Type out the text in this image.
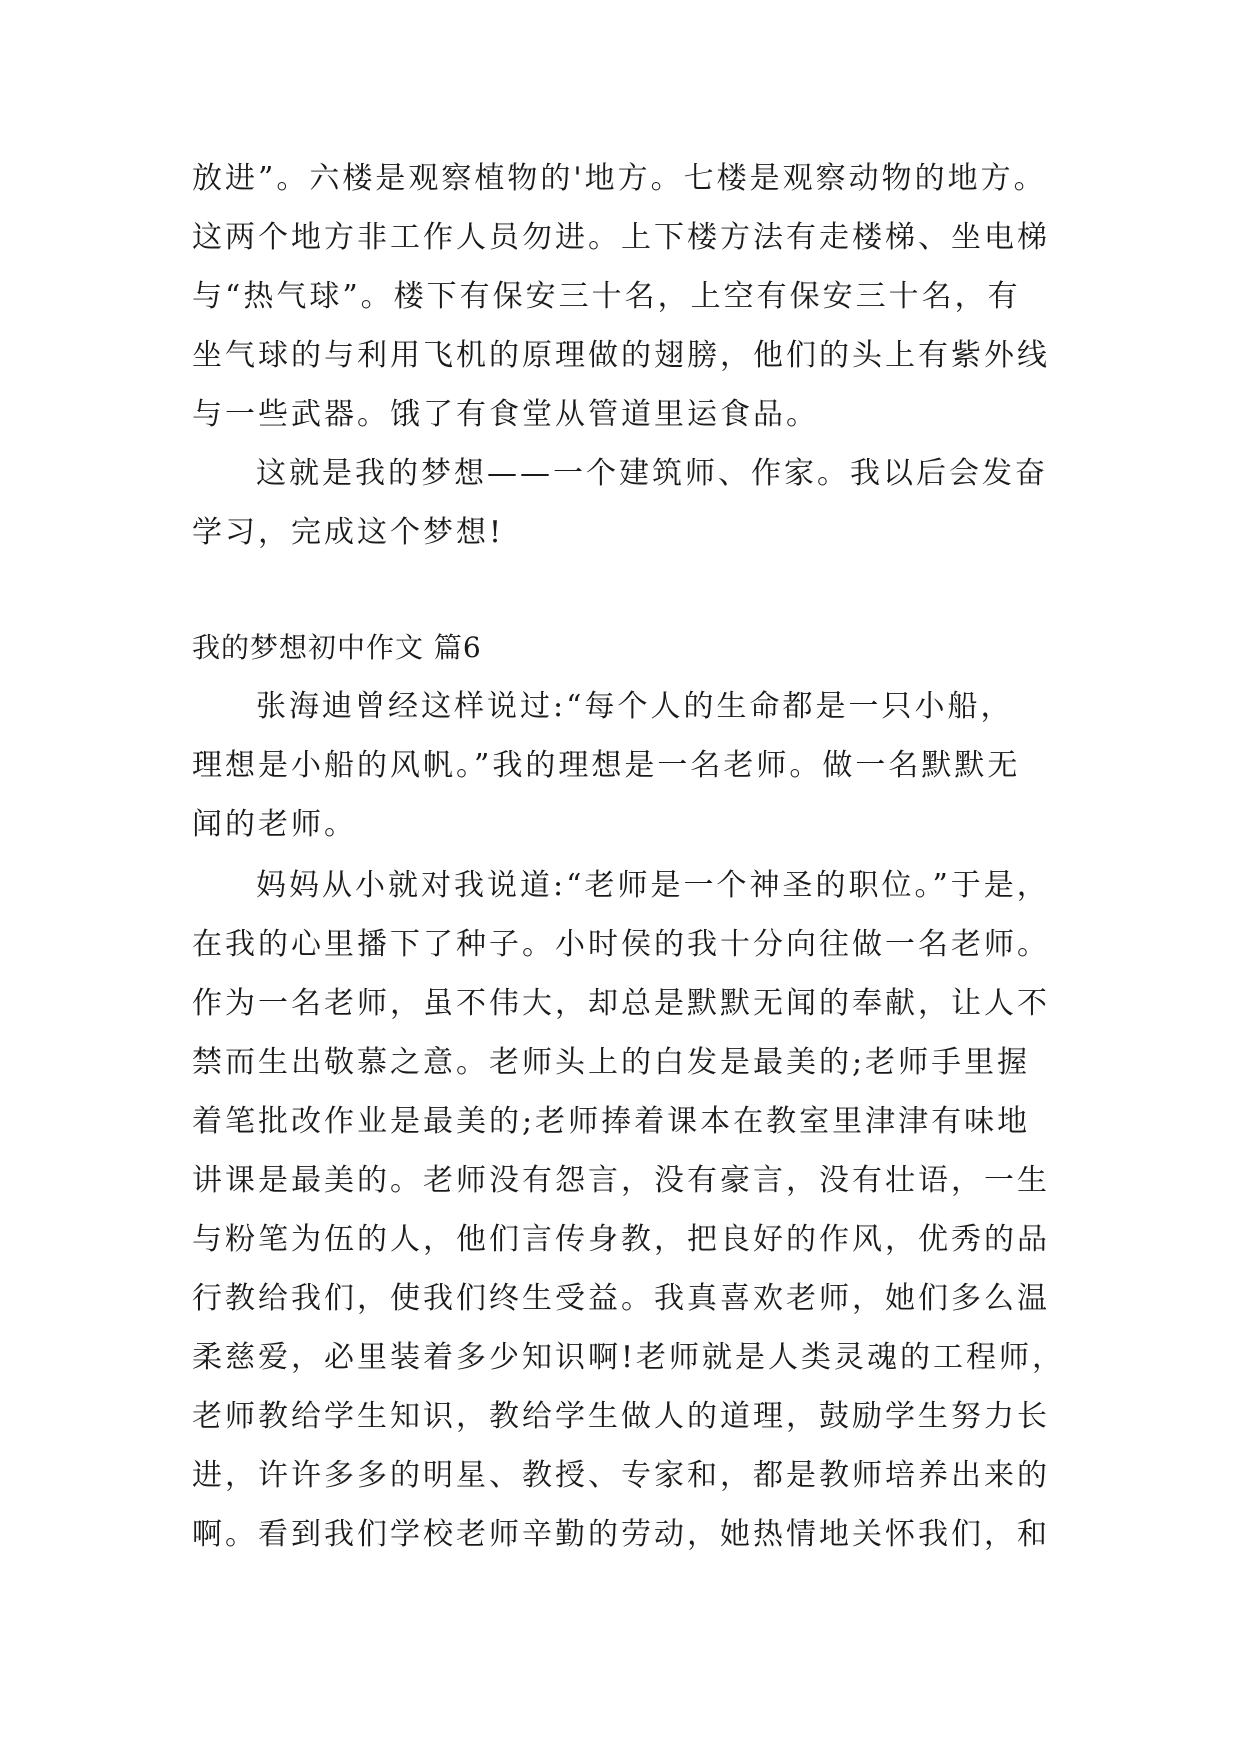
放进”。六楼是观察植物的'地方。七楼是观察动物的地方。
这两个地方非工作人员勿进。上下楼方法有走楼梯、坐电梯
与“热气球”。楼下有保安三十名，上空有保安三十名，有
坐气球的与利用飞机的原理做的翅膀，他们的头上有紫外线
与一些武器。饿了有食堂从管道里运食品。
这就是我的梦想——一个建筑师、作家。我以后会发奋
学习，完成这个梦想!
我的梦想初中作文 篇6
张海迪曾经这样说过:“每个人的生命都是一只小船，
理想是小船的风帆。”我的理想是一名老师。做一名默默无
闻的老师。
妈妈从小就对我说道:“老师是一个神圣的职位。”于是，
在我的心里播下了种子。小时侯的我十分向往做一名老师。
作为一名老师，虽不伟大，却总是默默无闻的奉献，让人不
禁而生出敬慕之意。老师头上的白发是最美的;老师手里握
着笔批改作业是最美的;老师捧着课本在教室里津津有味地
讲课是最美的。老师没有怨言，没有豪言，没有壮语，一生
与粉笔为伍的人，他们言传身教，把良好的作风，优秀的品
行教给我们，使我们终生受益。我真喜欢老师，她们多么温
柔慈爱，必里装着多少知识啊!老师就是人类灵魂的工程师，
老师教给学生知识，教给学生做人的道理，鼓励学生努力长
进，许许多多的明星、教授、专家和，都是教师培养出来的
啊。看到我们学校老师辛勤的劳动，她热情地关怀我们，和
